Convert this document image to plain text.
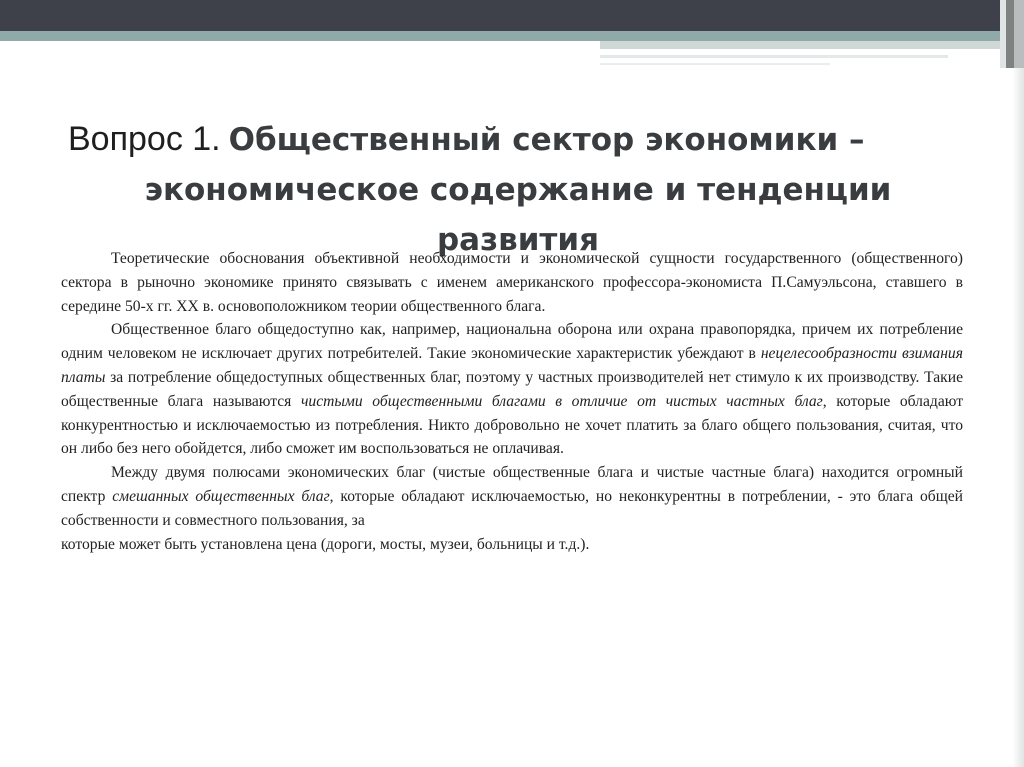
Вопрос 1. Общественный сектор экономики –
экономическое содержание и тенденции
развития

Теоретические обоснования объективной необходимости и экономической сущности государственного (общественного) сектора в рыночно экономике принято связывать с именем американского профессора-экономиста П.Самуэльсона, ставшего в середине 50-х гг. XX в. основоположником теории общественного блага.

Общественное благо общедоступно как, например, национальна оборона или охрана правопорядка, причем их потребление одним человеком не исключает других потребителей. Такие экономические характеристик убеждают в нецелесообразности взимания платы за потребление общедоступных общественных благ, поэтому у частных производителей нет стимуло к их производству. Такие общественные блага называются чистыми общественными благами в отличие от чистых частных благ, которые обладают конкурентностью и исключаемостью из потребления. Никто добровольно не хочет платить за благо общего пользования, считая, что он либо без него обойдется, либо сможет им воспользоваться не оплачивая.

Между двумя полюсами экономических благ (чистые общественные блага и чистые частные блага) находится огромный спектр смешанных общественных благ, которые обладают исключаемостью, но неконкурентны в потреблении, - это блага общей собственности и совместного пользования, за

которые может быть установлена цена (дороги, мосты, музеи, больницы и т.д.).
